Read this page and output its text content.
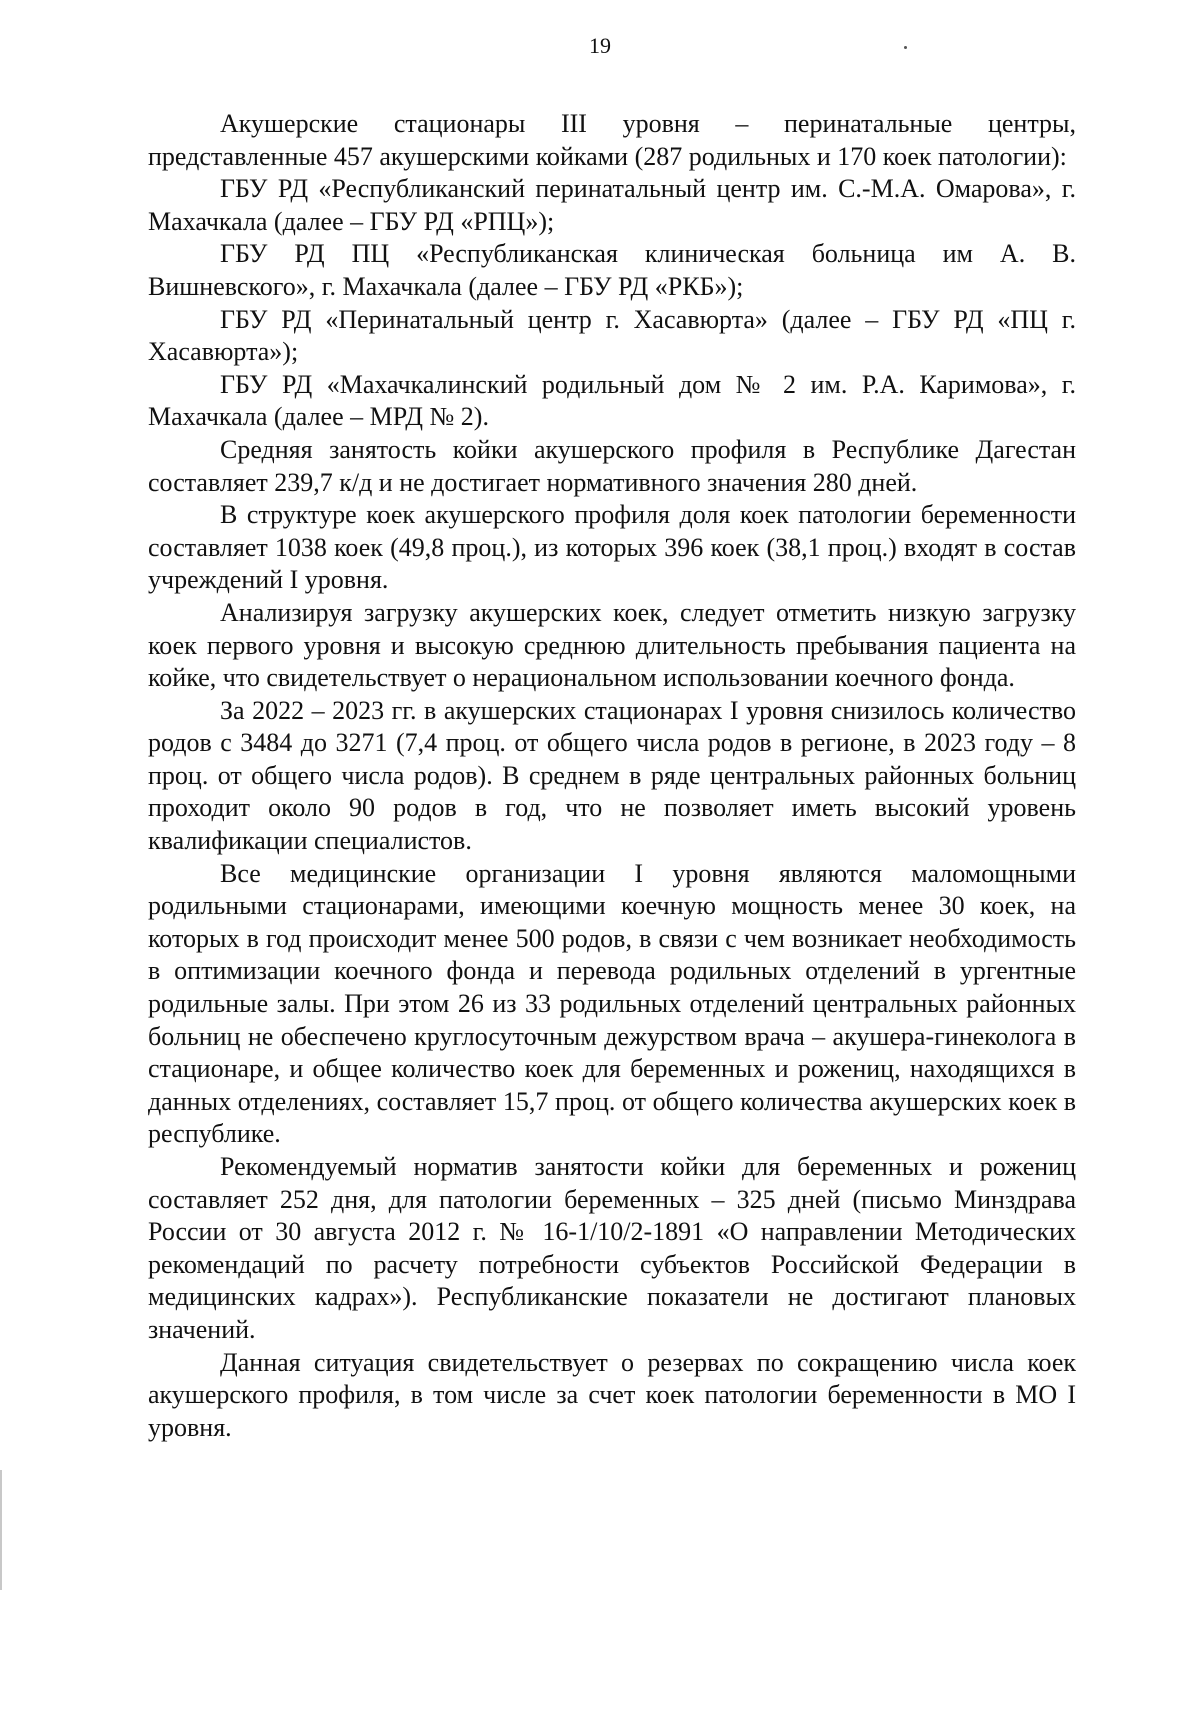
19

Акушерские стационары III уровня – перинатальные центры, представленные 457 акушерскими койками (287 родильных и 170 коек патологии):

ГБУ РД «Республиканский перинатальный центр им. С.-М.А. Омарова», г. Махачкала (далее – ГБУ РД «РПЦ»);

ГБУ РД ПЦ «Республиканская клиническая больница им А. В. Вишневского», г. Махачкала (далее – ГБУ РД «РКБ»);

ГБУ РД «Перинатальный центр г. Хасавюрта» (далее – ГБУ РД «ПЦ г. Хасавюрта»);

ГБУ РД «Махачкалинский родильный дом № 2 им. Р.А. Каримова», г. Махачкала (далее – МРД № 2).

Средняя занятость койки акушерского профиля в Республике Дагестан составляет 239,7 к/д и не достигает нормативного значения 280 дней.

В структуре коек акушерского профиля доля коек патологии беременности составляет 1038 коек (49,8 проц.), из которых 396 коек (38,1 проц.) входят в состав учреждений I уровня.

Анализируя загрузку акушерских коек, следует отметить низкую загрузку коек первого уровня и высокую среднюю длительность пребывания пациента на койке, что свидетельствует о нерациональном использовании коечного фонда.

За 2022 – 2023 гг. в акушерских стационарах I уровня снизилось количество родов с 3484 до 3271 (7,4 проц. от общего числа родов в регионе, в 2023 году – 8 проц. от общего числа родов). В среднем в ряде центральных районных больниц проходит около 90 родов в год, что не позволяет иметь высокий уровень квалификации специалистов.

Все медицинские организации I уровня являются маломощными родильными стационарами, имеющими коечную мощность менее 30 коек, на которых в год происходит менее 500 родов, в связи с чем возникает необходимость в оптимизации коечного фонда и перевода родильных отделений в ургентные родильные залы. При этом 26 из 33 родильных отделений центральных районных больниц не обеспечено круглосуточным дежурством врача – акушера-гинеколога в стационаре, и общее количество коек для беременных и рожениц, находящихся в данных отделениях, составляет 15,7 проц. от общего количества акушерских коек в республике.

Рекомендуемый норматив занятости койки для беременных и рожениц составляет 252 дня, для патологии беременных – 325 дней (письмо Минздрава России от 30 августа 2012 г. № 16-1/10/2-1891 «О направлении Методических рекомендаций по расчету потребности субъектов Российской Федерации в медицинских кадрах»). Республиканские показатели не достигают плановых значений.

Данная ситуация свидетельствует о резервах по сокращению числа коек акушерского профиля, в том числе за счет коек патологии беременности в МО I уровня.
